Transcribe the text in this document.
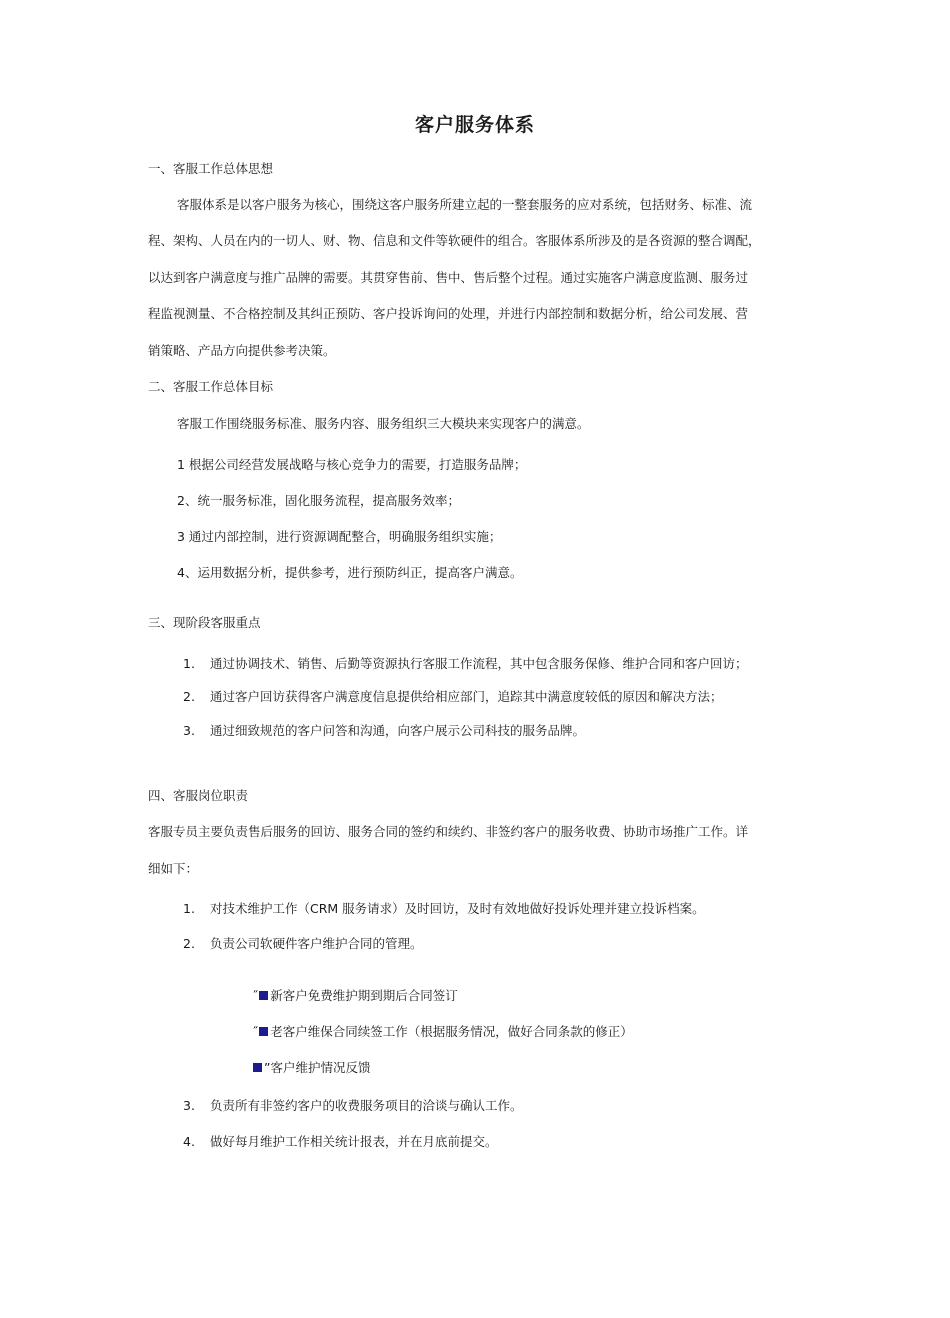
客户服务体系
一、客服工作总体思想
客服体系是以客户服务为核心，围绕这客户服务所建立起的一整套服务的应对系统，包括财务、标准、流
程、架构、人员在内的一切人、财、物、信息和文件等软硬件的组合。客服体系所涉及的是各资源的整合调配，
以达到客户满意度与推广品牌的需要。其贯穿售前、售中、售后整个过程。通过实施客户满意度监测、服务过
程监视测量、不合格控制及其纠正预防、客户投诉询问的处理，并进行内部控制和数据分析，给公司发展、营
销策略、产品方向提供参考决策。
二、客服工作总体目标
客服工作围绕服务标准、服务内容、服务组织三大模块来实现客户的满意。
1 根据公司经营发展战略与核心竞争力的需要，打造服务品牌；
2、统一服务标准，固化服务流程，提高服务效率；
3 通过内部控制，进行资源调配整合，明确服务组织实施；
4、运用数据分析，提供参考，进行预防纠正，提高客户满意。
三、现阶段客服重点
1. 通过协调技术、销售、后勤等资源执行客服工作流程，其中包含服务保修、维护合同和客户回访；
2. 通过客户回访获得客户满意度信息提供给相应部门，追踪其中满意度较低的原因和解决方法；
3. 通过细致规范的客户问答和沟通，向客户展示公司科技的服务品牌。
四、客服岗位职责
客服专员主要负责售后服务的回访、服务合同的签约和续约、非签约客户的服务收费、协助市场推广工作。详
细如下：
1. 对技术维护工作（CRM 服务请求）及时回访，及时有效地做好投诉处理并建立投诉档案。
2. 负责公司软硬件客户维护合同的管理。
˝ 新客户免费维护期到期后合同签订
˝ 老客户维保合同续签工作（根据服务情况，做好合同条款的修正）
”客户维护情况反馈
3. 负责所有非签约客户的收费服务项目的洽谈与确认工作。
4. 做好每月维护工作相关统计报表，并在月底前提交。
